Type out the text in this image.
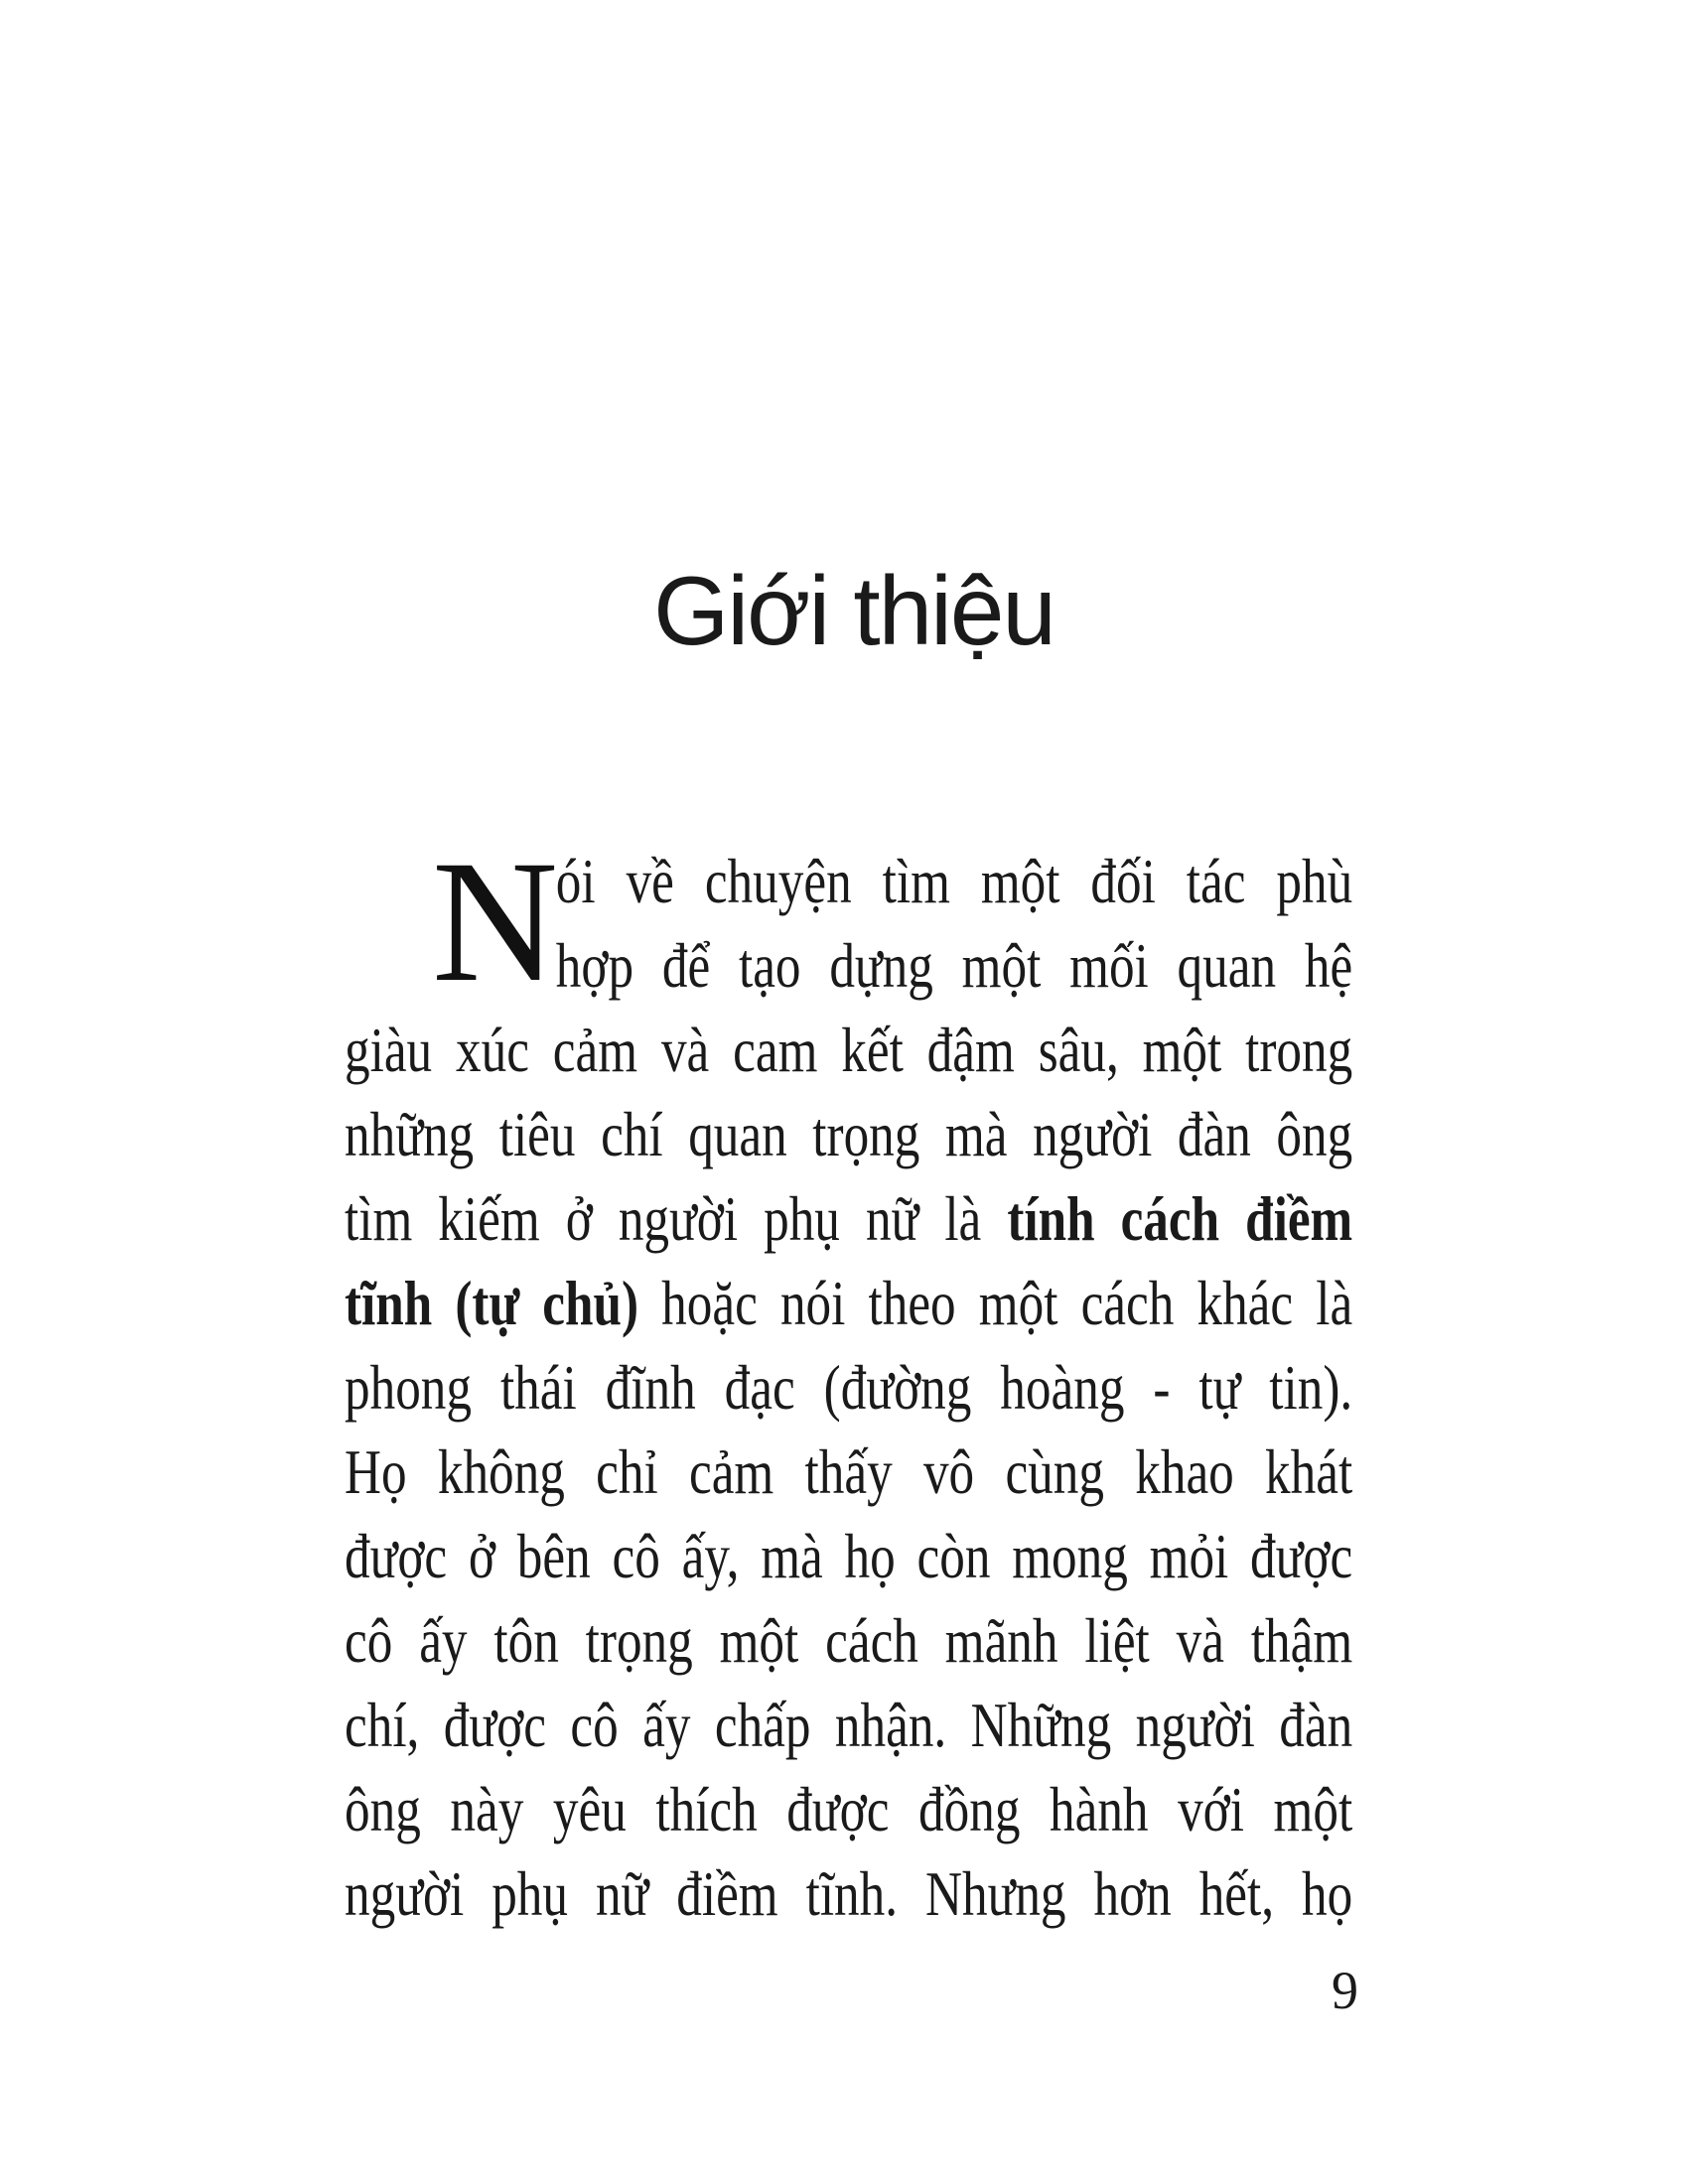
Giới thiệu
N
ói về chuyện tìm một đối tác phù
hợp để tạo dựng một mối quan hệ
giàu xúc cảm và cam kết đậm sâu, một trong
những tiêu chí quan trọng mà người đàn ông
tìm kiếm ở người phụ nữ là tính cách điềm
tĩnh (tự chủ) hoặc nói theo một cách khác là
phong thái đĩnh đạc (đường hoàng - tự tin).
Họ không chỉ cảm thấy vô cùng khao khát
được ở bên cô ấy, mà họ còn mong mỏi được
cô ấy tôn trọng một cách mãnh liệt và thậm
chí, được cô ấy chấp nhận. Những người đàn
ông này yêu thích được đồng hành với một
người phụ nữ điềm tĩnh. Nhưng hơn hết, họ
9
